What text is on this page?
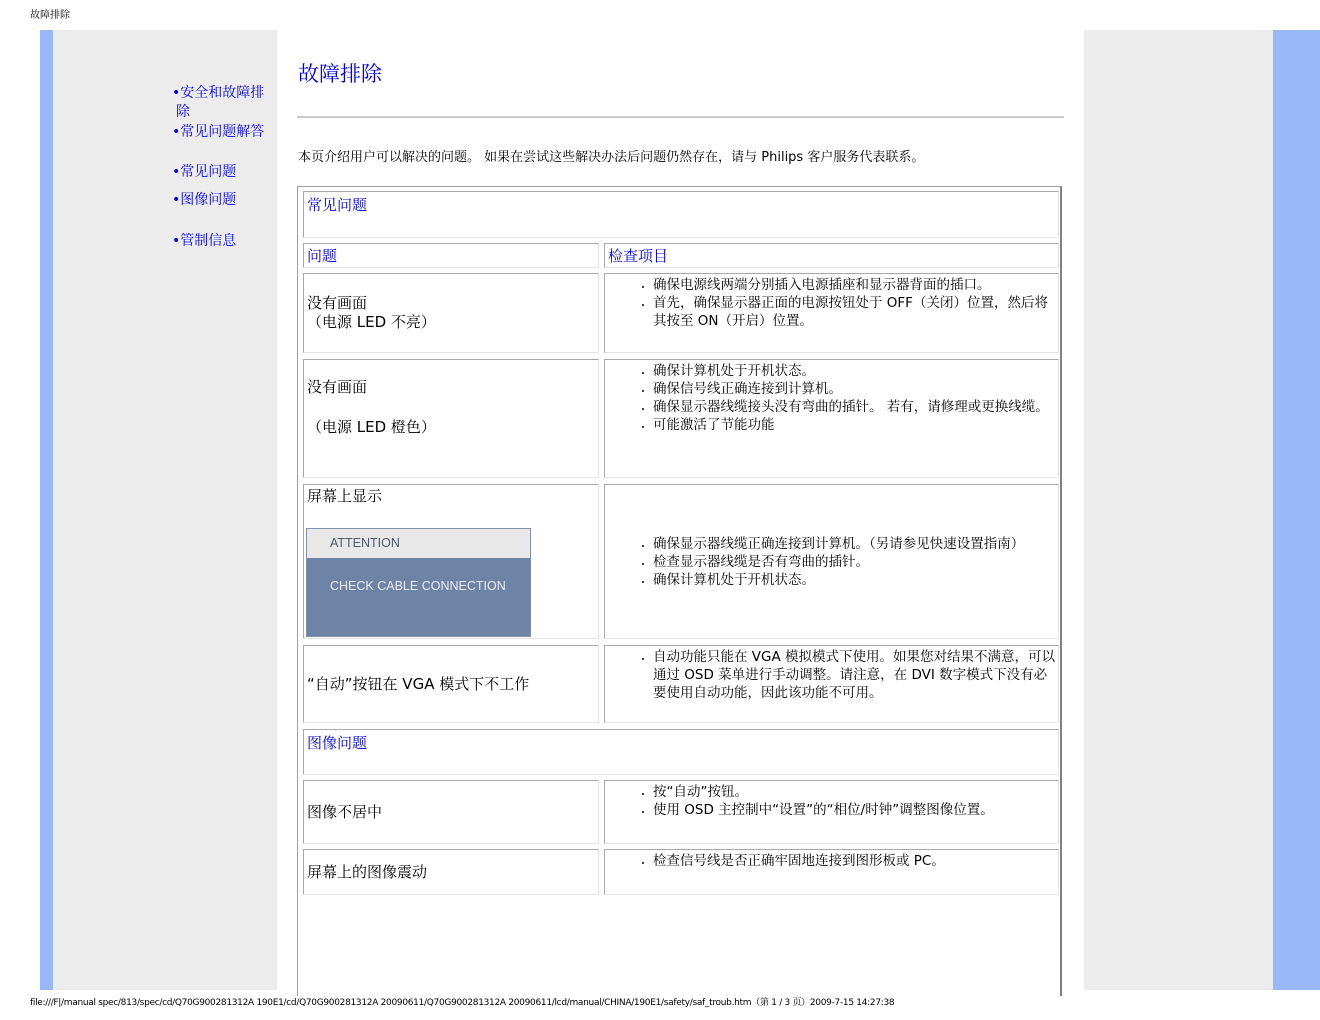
故障排除
•安全和故障排
除
•常见问题解答
•常见问题
•图像问题
•管制信息
故障排除
本页介绍用户可以解决的问题。 如果在尝试这些解决办法后问题仍然存在，请与 Philips 客户服务代表联系。
常见问题
问题	检查项目
没有画面
（电源 LED 不亮）
• 确保电源线两端分别插入电源插座和显示器背面的插口。
• 首先，确保显示器正面的电源按钮处于 OFF（关闭）位置，然后将其按至 ON（开启）位置。
没有画面
（电源 LED 橙色）
• 确保计算机处于开机状态。
• 确保信号线正确连接到计算机。
• 确保显示器线缆接头没有弯曲的插针。 若有，请修理或更换线缆。
• 可能激活了节能功能
屏幕上显示
ATTENTION
CHECK CABLE CONNECTION
• 确保显示器线缆正确连接到计算机。（另请参见快速设置指南）
• 检查显示器线缆是否有弯曲的插针。
• 确保计算机处于开机状态。
“自动”按钮在 VGA 模式下不工作
• 自动功能只能在 VGA 模拟模式下使用。如果您对结果不满意，可以通过 OSD 菜单进行手动调整。请注意，在 DVI 数字模式下没有必要使用自动功能，因此该功能不可用。
图像问题
图像不居中
• 按“自动”按钮。
• 使用 OSD 主控制中“设置”的“相位/时钟”调整图像位置。
屏幕上的图像震动
• 检查信号线是否正确牢固地连接到图形板或 PC。
file:///F|/manual spec/813/spec/cd/Q70G900281312A 190E1/cd/Q70G900281312A 20090611/Q70G900281312A 20090611/lcd/manual/CHINA/190E1/safety/saf_troub.htm（第 1 / 3 页）2009-7-15 14:27:38
